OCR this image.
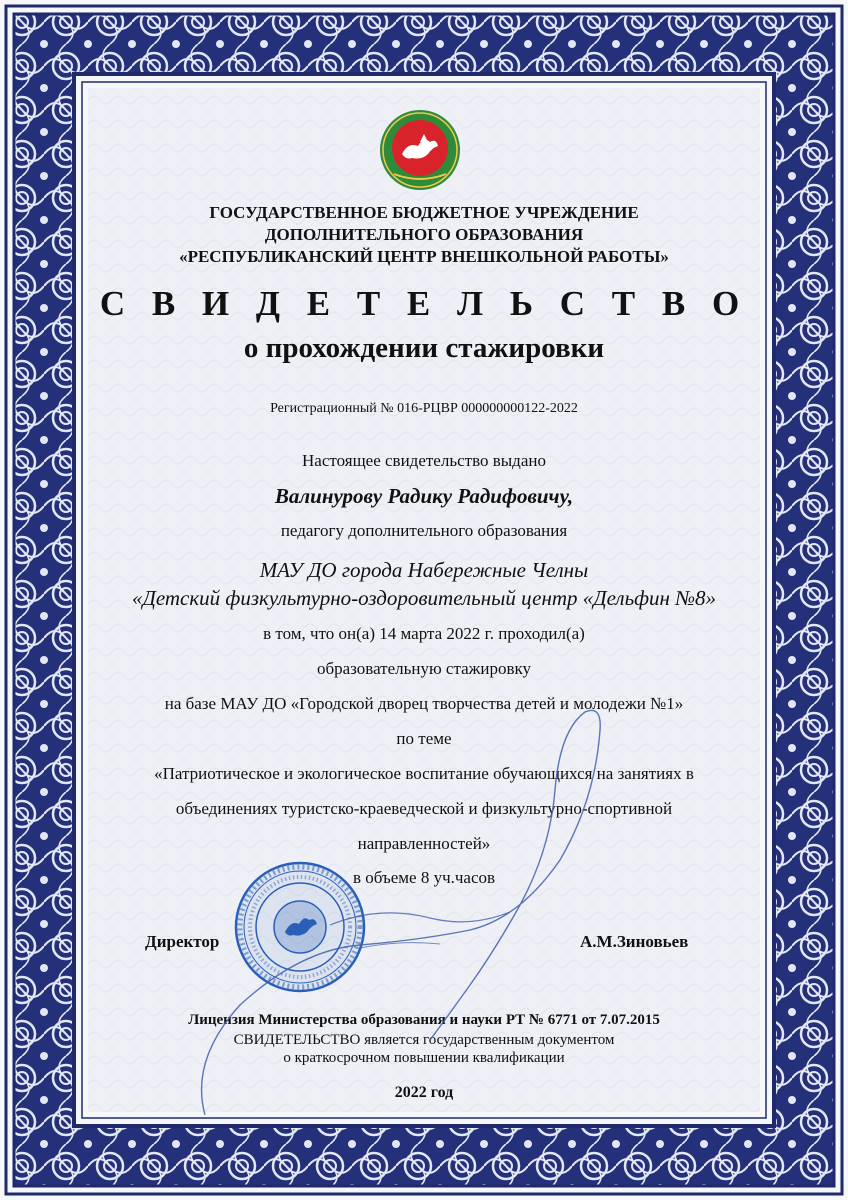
ГОСУДАРСТВЕННОЕ БЮДЖЕТНОЕ УЧРЕЖДЕНИЕ
ДОПОЛНИТЕЛЬНОГО ОБРАЗОВАНИЯ
«РЕСПУБЛИКАНСКИЙ ЦЕНТР ВНЕШКОЛЬНОЙ РАБОТЫ»
С В И Д Е Т Е Л Ь С Т В О
о прохождении стажировки
Регистрационный № 016-РЦВР 000000000122-2022
Настоящее свидетельство выдано
Валинурову Радику Радифовичу,
педагогу дополнительного образования
МАУ ДО города Набережные Челны
«Детский физкультурно-оздоровительный центр «Дельфин №8»
в том, что он(а) 14 марта 2022 г. проходил(а)
образовательную стажировку
на базе МАУ ДО «Городской дворец творчества детей и молодежи №1»
по теме
«Патриотическое и экологическое воспитание обучающихся на занятиях в
объединениях туристско-краеведческой и физкультурно-спортивной
направленностей»
в объеме 8 уч.часов
Директор	А.М.Зиновьев
Лицензия Министерства образования и науки РТ № 6771 от 7.07.2015
СВИДЕТЕЛЬСТВО является государственным документом
о краткосрочном повышении квалификации
2022 год
